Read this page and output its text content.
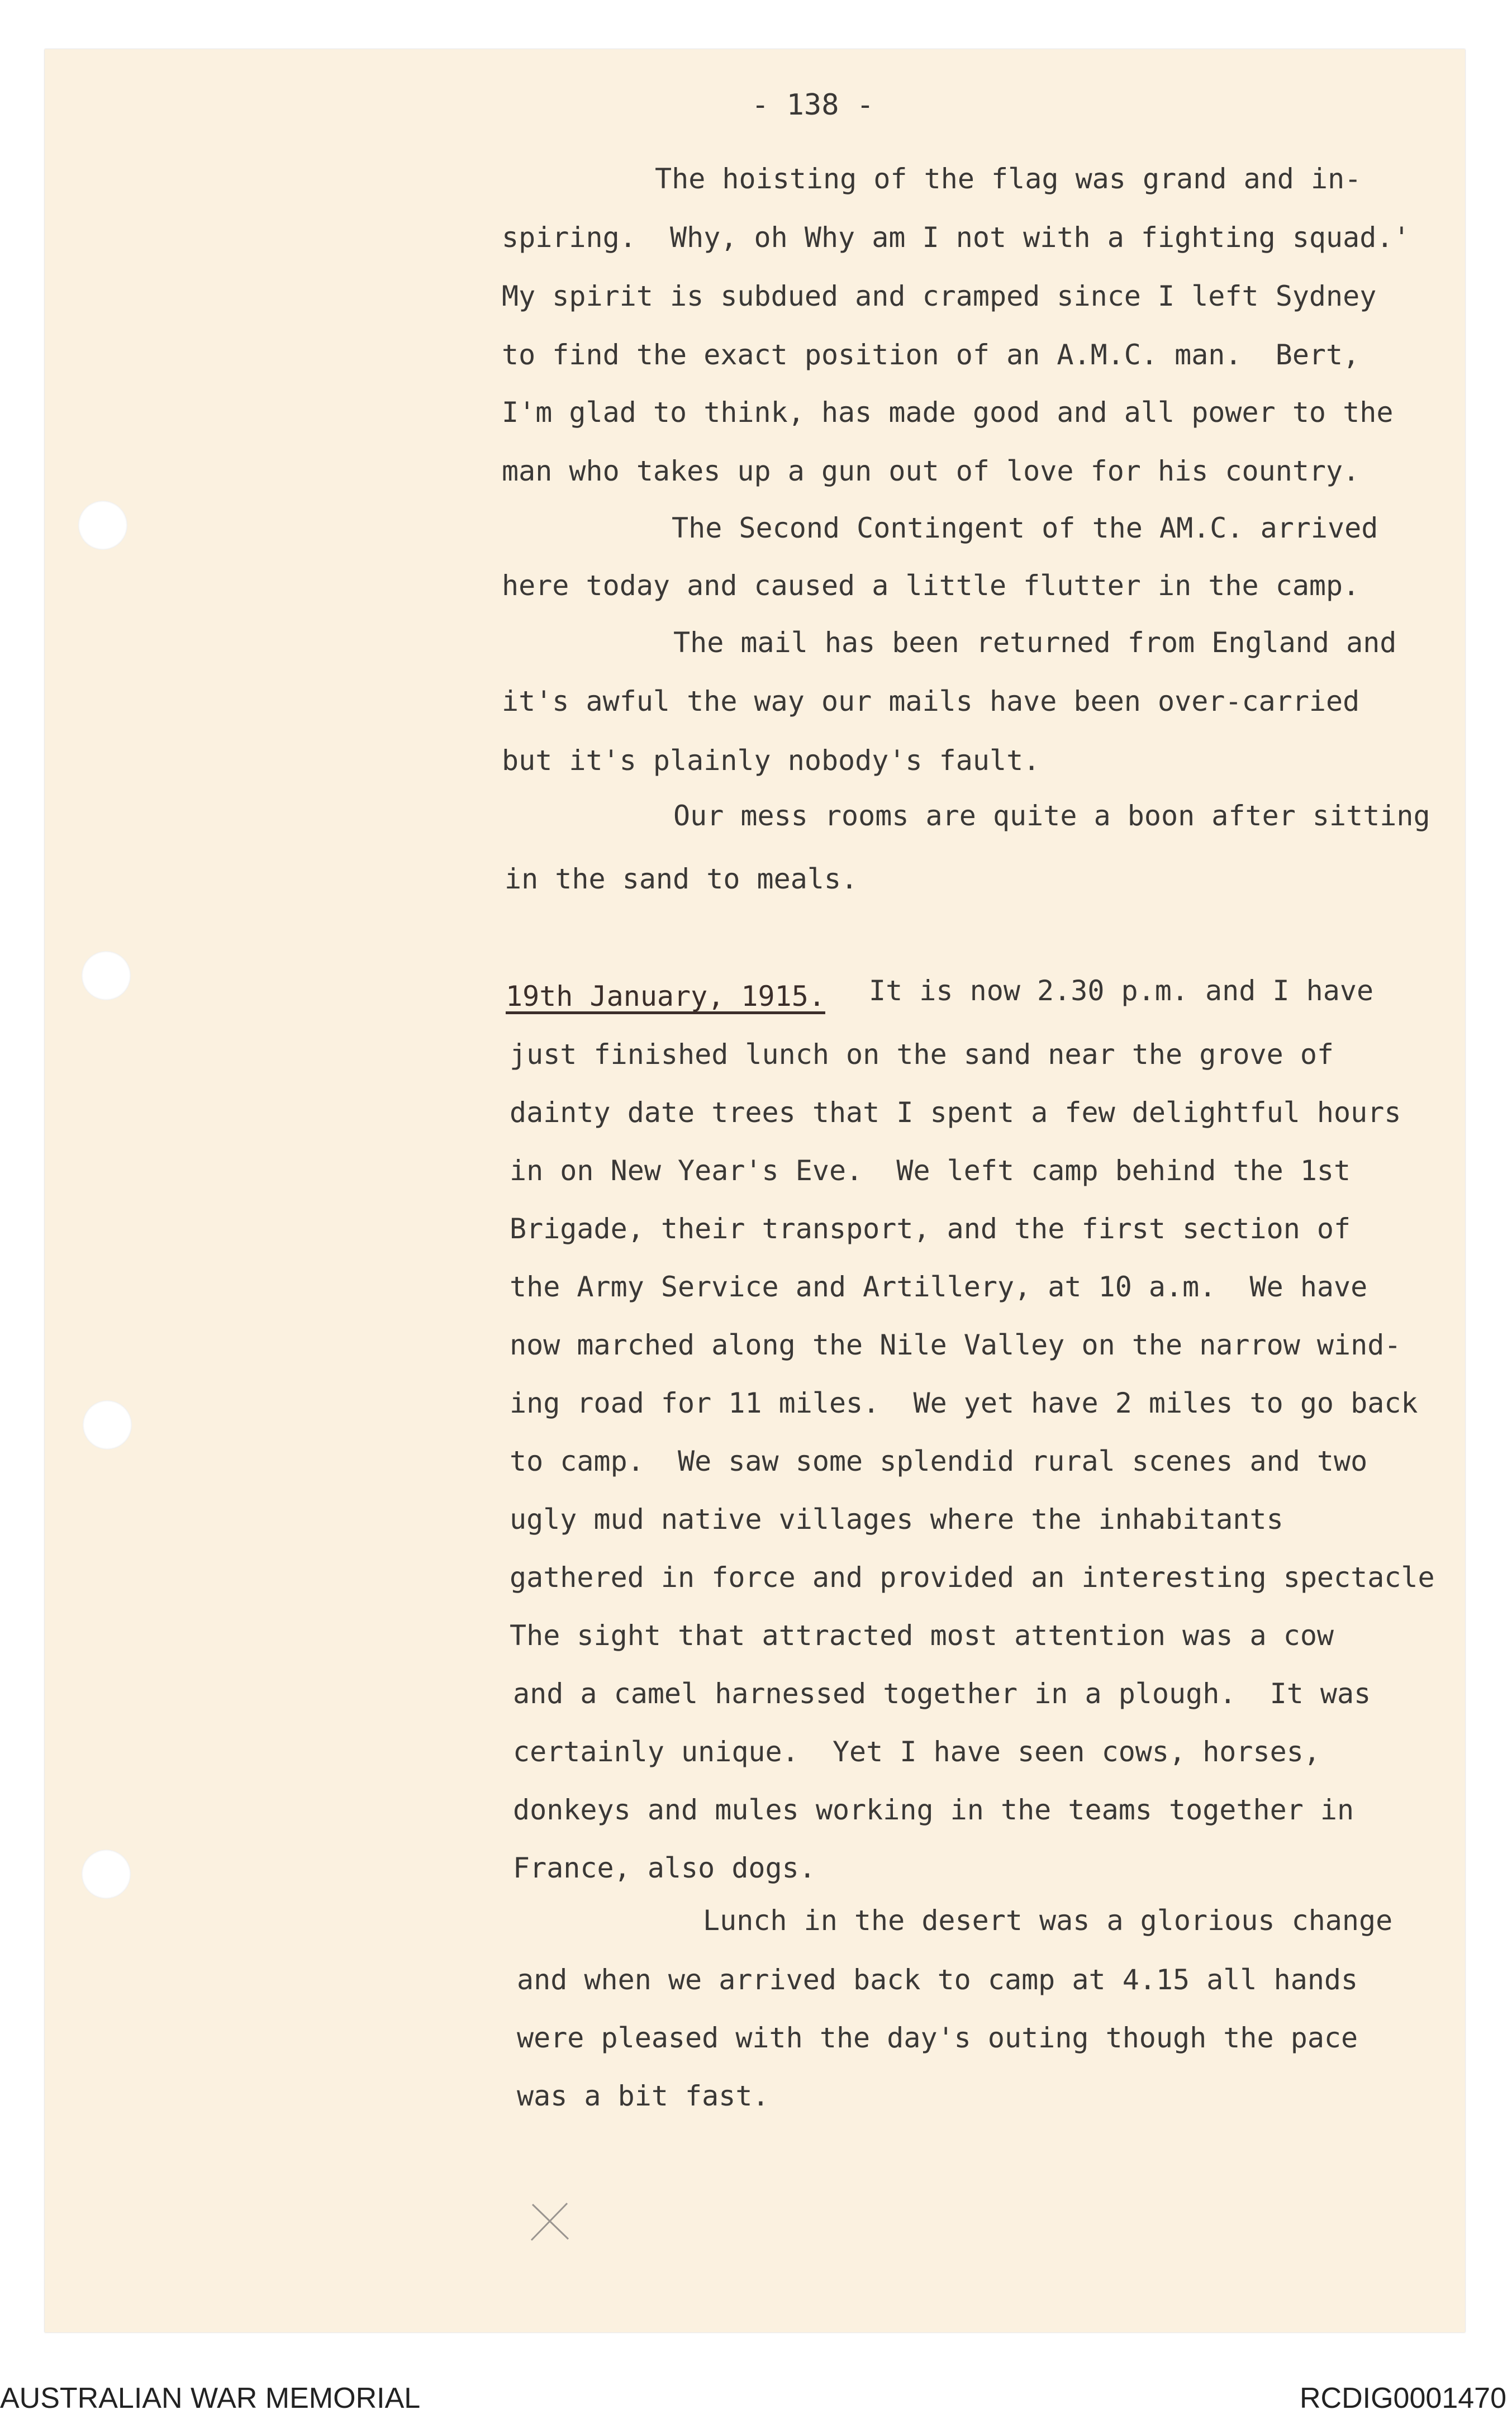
- 138 -
The hoisting of the flag was grand and in-
spiring.  Why, oh Why am I not with a fighting squad.'
My spirit is subdued and cramped since I left Sydney
to find the exact position of an A.M.C. man.  Bert,
I'm glad to think, has made good and all power to the
man who takes up a gun out of love for his country.
The Second Contingent of the AM.C. arrived
here today and caused a little flutter in the camp.
The mail has been returned from England and
it's awful the way our mails have been over-carried
but it's plainly nobody's fault.
Our mess rooms are quite a boon after sitting
in the sand to meals.
19th January, 1915. It is now 2.30 p.m. and I have
just finished lunch on the sand near the grove of
dainty date trees that I spent a few delightful hours
in on New Year's Eve.  We left camp behind the 1st
Brigade, their transport, and the first section of
the Army Service and Artillery, at 10 a.m.  We have
now marched along the Nile Valley on the narrow wind-
ing road for 11 miles.  We yet have 2 miles to go back
to camp.  We saw some splendid rural scenes and two
ugly mud native villages where the inhabitants
gathered in force and provided an interesting spectacle
The sight that attracted most attention was a cow
and a camel harnessed together in a plough.  It was
certainly unique.  Yet I have seen cows, horses,
donkeys and mules working in the teams together in
France, also dogs.
Lunch in the desert was a glorious change
and when we arrived back to camp at 4.15 all hands
were pleased with the day's outing though the pace
was a bit fast.
AUSTRALIAN WAR MEMORIAL	RCDIG0001470
